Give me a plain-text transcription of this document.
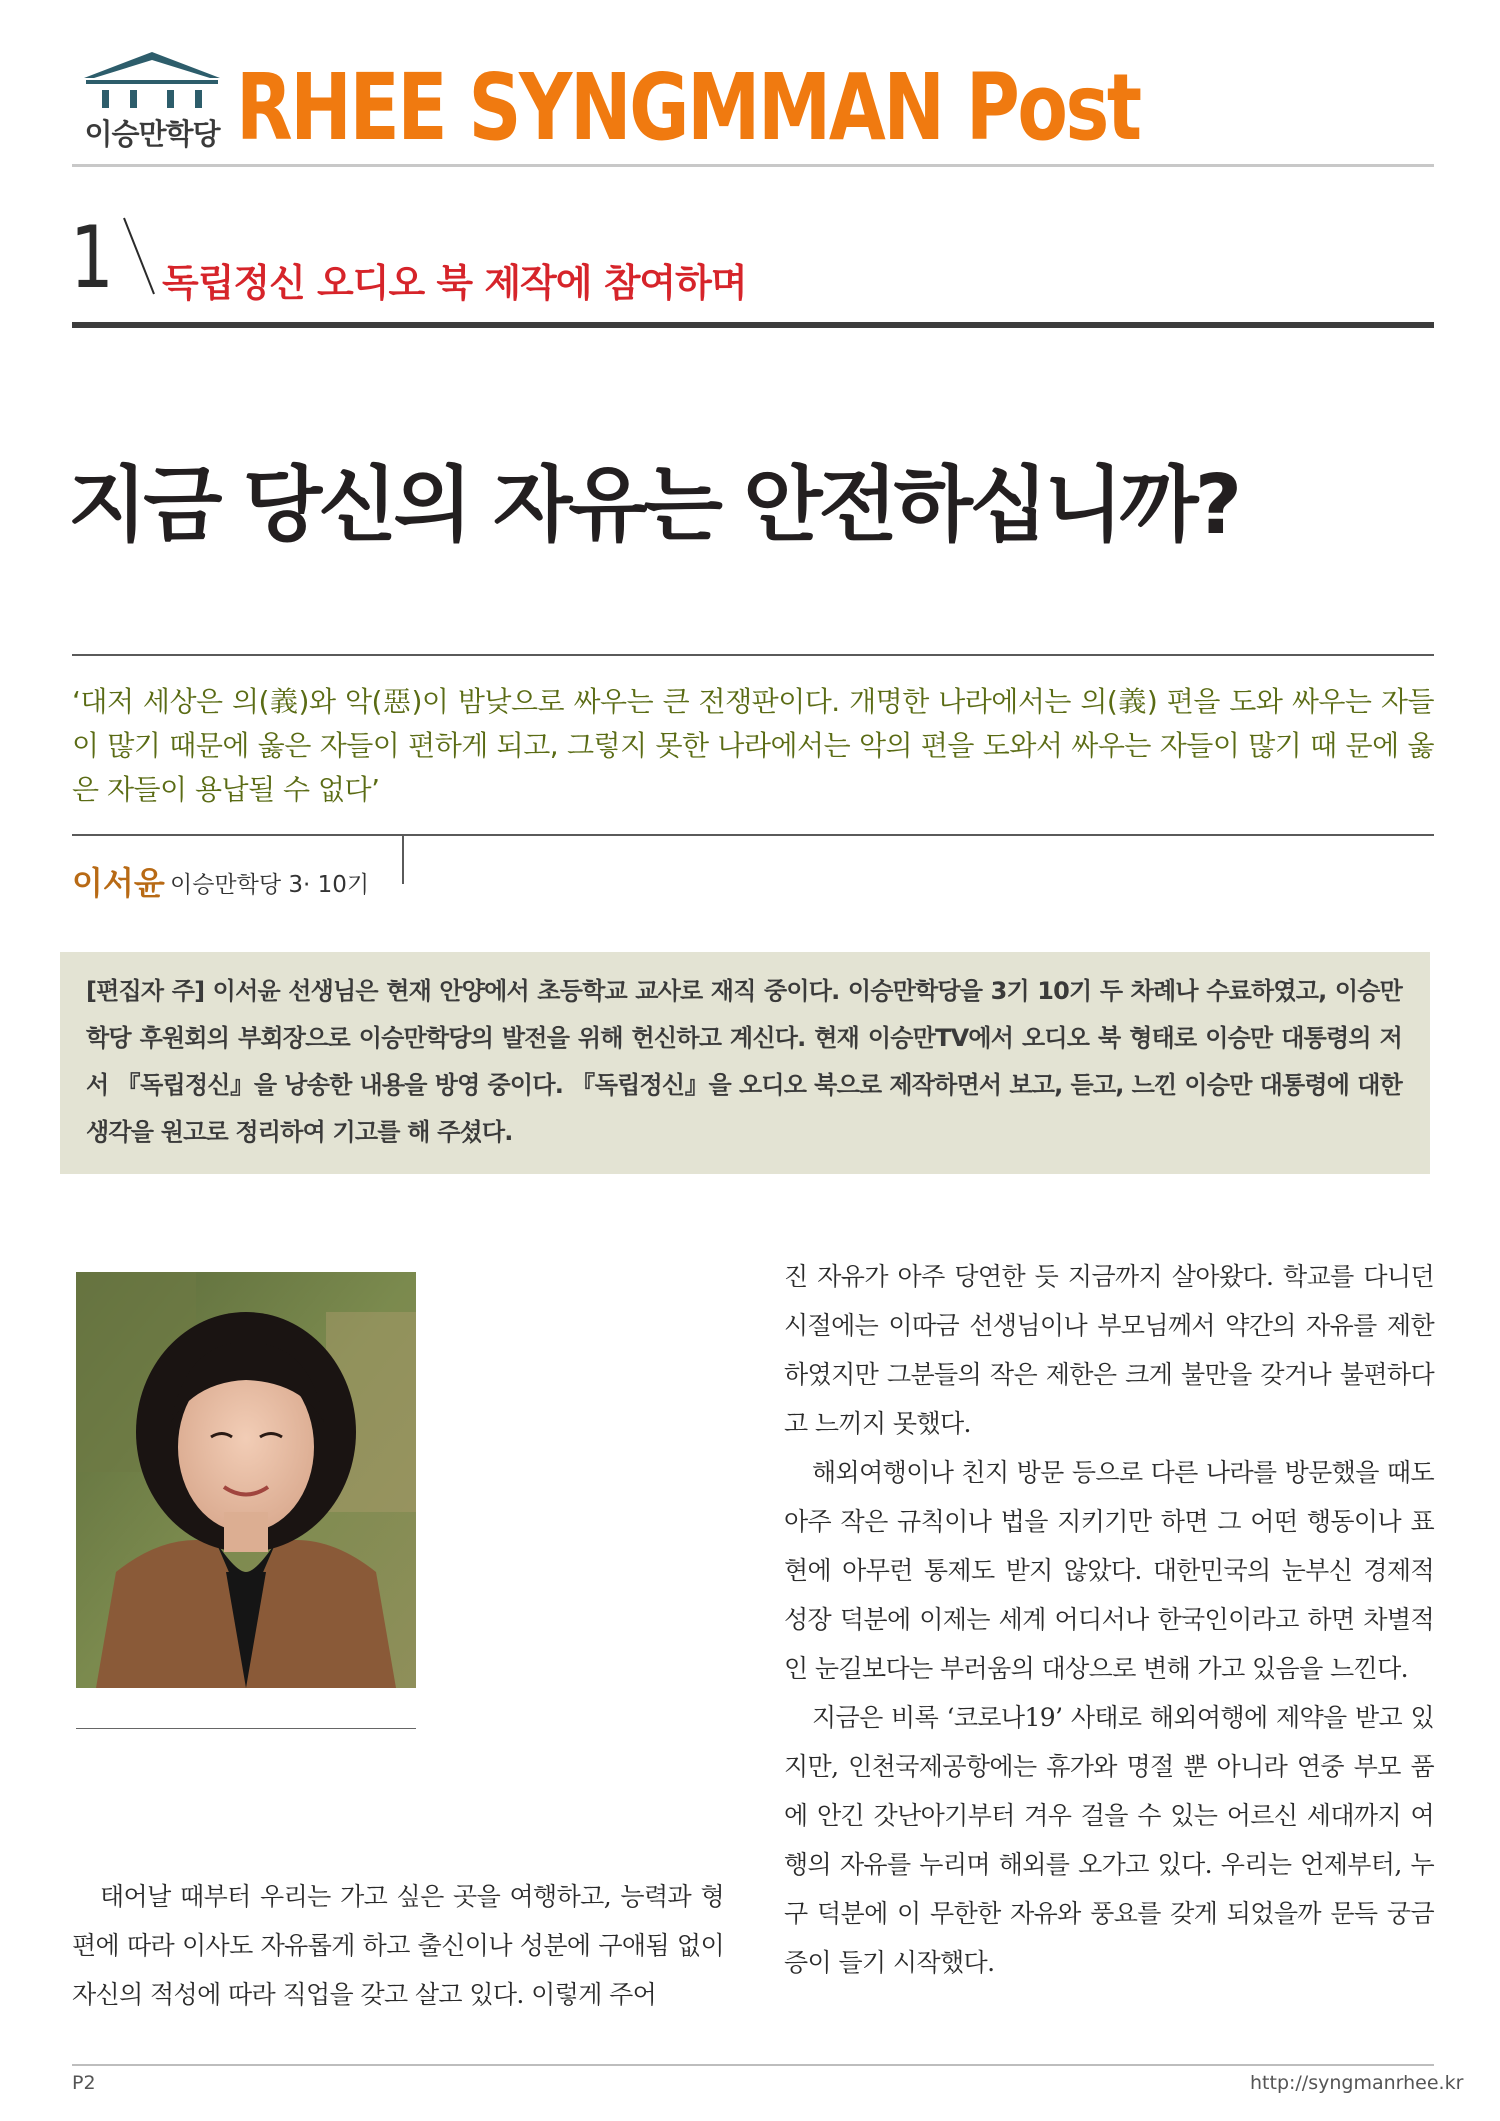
이승만학당 RHEE SYNGMMAN Post
1 독립정신 오디오 북 제작에 참여하며
지금 당신의 자유는 안전하십니까?
‘대저 세상은 의(義)와 악(惡)이 밤낮으로 싸우는 큰 전쟁판이다. 개명한 나라에서는 의(義) 편을 도와 싸우는 자들이 많기 때문에 옳은 자들이 편하게 되고, 그렇지 못한 나라에서는 악의 편을 도와서 싸우는 자들이 많기 때 문에 옳은 자들이 용납될 수 없다’
이서윤 이승만학당 3· 10기
[편집자 주] 이서윤 선생님은 현재 안양에서 초등학교 교사로 재직 중이다. 이승만학당을 3기 10기 두 차례나 수료하였고, 이승만학당 후원회의 부회장으로 이승만학당의 발전을 위해 헌신하고 계신다. 현재 이승만TV에서 오디오 북 형태로 이승만 대통령의 저서 『독립정신』을 낭송한 내용을 방영 중이다. 『독립정신』을 오디오 북으로 제작하면서 보고, 듣고, 느낀 이승만 대통령에 대한 생각을 원고로 정리하여 기고를 해 주셨다.

태어날 때부터 우리는 가고 싶은 곳을 여행하고, 능력과 형편에 따라 이사도 자유롭게 하고 출신이나 성분에 구애됨 없이 자신의 적성에 따라 직업을 갖고 살고 있다. 이렇게 주어

진 자유가 아주 당연한 듯 지금까지 살아왔다. 학교를 다니던 시절에는 이따금 선생님이나 부모님께서 약간의 자유를 제한하였지만 그분들의 작은 제한은 크게 불만을 갖거나 불편하다고 느끼지 못했다.

해외여행이나 친지 방문 등으로 다른 나라를 방문했을 때도 아주 작은 규칙이나 법을 지키기만 하면 그 어떤 행동이나 표현에 아무런 통제도 받지 않았다. 대한민국의 눈부신 경제적 성장 덕분에 이제는 세계 어디서나 한국인이라고 하면 차별적인 눈길보다는 부러움의 대상으로 변해 가고 있음을 느낀다.

지금은 비록 ‘코로나19’ 사태로 해외여행에 제약을 받고 있지만, 인천국제공항에는 휴가와 명절 뿐 아니라 연중 부모 품에 안긴 갓난아기부터 겨우 걸을 수 있는 어르신 세대까지 여행의 자유를 누리며 해외를 오가고 있다. 우리는 언제부터, 누구 덕분에 이 무한한 자유와 풍요를 갖게 되었을까 문득 궁금증이 들기 시작했다.

P2	http://syngmanrhee.kr
